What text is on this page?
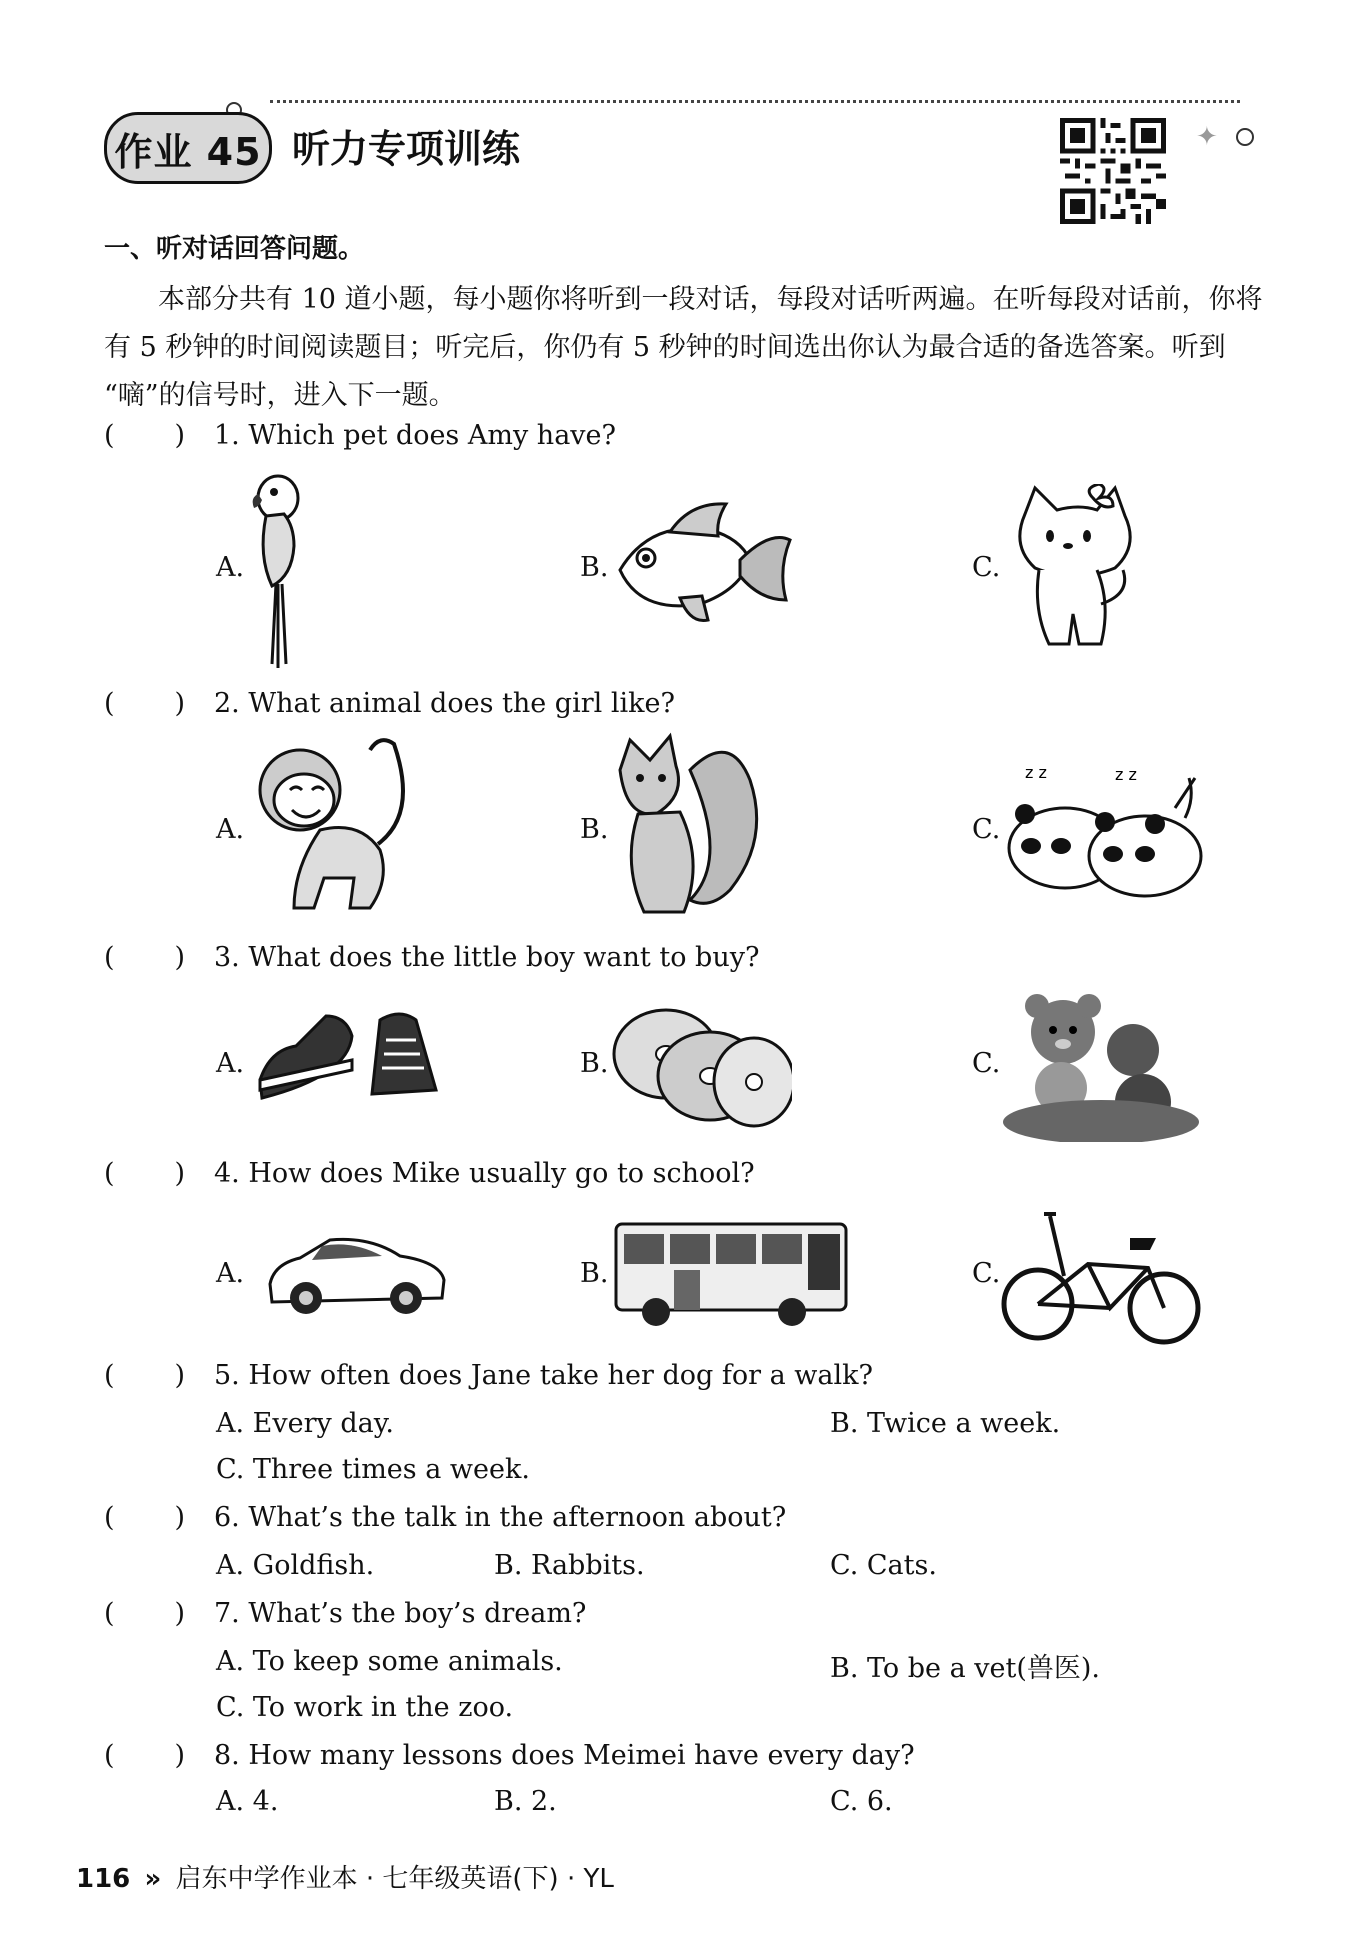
作业 45 听力专项训练	✦
一、听对话回答问题。

本部分共有 10 道小题，每小题你将听到一段对话，每段对话听两遍。在听每段对话前，你将

有 5 秒钟的时间阅读题目；听完后，你仍有 5 秒钟的时间选出你认为最合适的备选答案。听到

“嘀”的信号时，进入下一题。

( ) 1. Which pet does Amy have?
( ) 2. What animal does the girl like?
( ) 3. What does the little boy want to buy?
( ) 4. How does Mike usually go to school?
A.	B.	C.
A.	B.	C.
z z	z z
A.	B.	C.
A.	B.	C.
( ) 5. How often does Jane take her dog for a walk?
A. Every day.	B. Twice a week.
C. Three times a week.
( ) 6. What’s the talk in the afternoon about?
A. Goldfish.	B. Rabbits.	C. Cats.
( ) 7. What’s the boy’s dream?
A. To keep some animals.	B. To be a vet(兽医).
C. To work in the zoo.
( ) 8. How many lessons does Meimei have every day?
A. 4.	B. 2.	C. 6.
116 » 启东中学作业本 · 七年级英语(下) · YL
